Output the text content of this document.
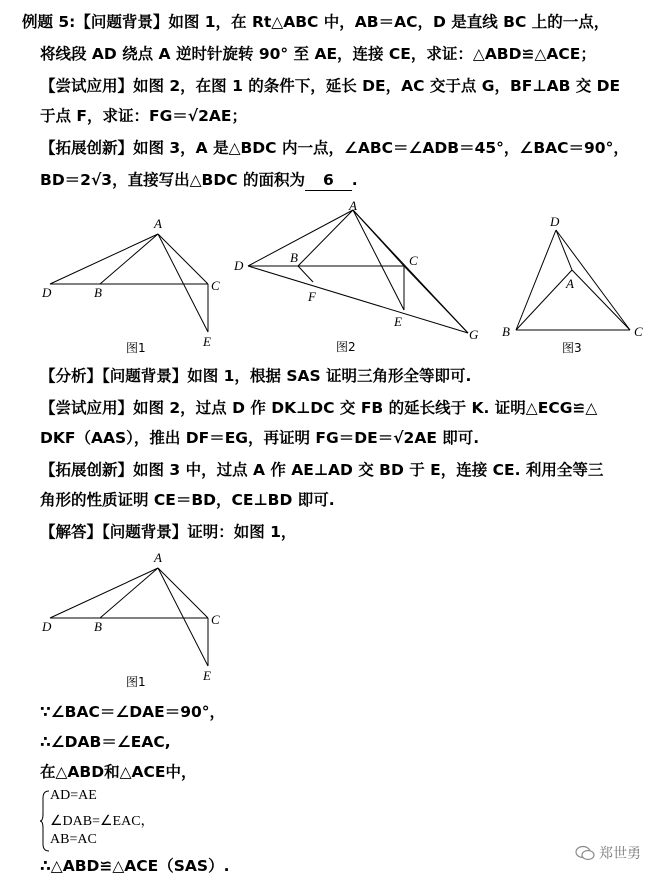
例题 5:【问题背景】如图 1，在 Rt△ABC 中，AB＝AC，D 是直线 BC 上的一点，
将线段 AD 绕点 A 逆时针旋转 90° 至 AE，连接 CE，求证：△ABD≌△ACE；
【尝试应用】如图 2，在图 1 的条件下，延长 DE，AC 交于点 G，BF⊥AB 交 DE
于点 F，求证：FG＝√2AE；
【拓展创新】如图 3，A 是△BDC 内一点，∠ABC＝∠ADB＝45°，∠BAC＝90°，
BD＝2√3，直接写出△BDC 的面积为 6 .
A
B	C
D
E
图1
A
B	C
D
E
F
G
图2
D
A
B	C
图3
【分析】【问题背景】如图 1，根据 SAS 证明三角形全等即可.
【尝试应用】如图 2，过点 D 作 DK⊥DC 交 FB 的延长线于 K. 证明△ECG≌△
DKF（AAS），推出 DF＝EG，再证明 FG＝DE＝√2AE 即可.
【拓展创新】如图 3 中，过点 A 作 AE⊥AD 交 BD 于 E，连接 CE. 利用全等三
角形的性质证明 CE＝BD，CE⊥BD 即可.
【解答】【问题背景】证明：如图 1，
A
B	C
D
E
图1
∵∠BAC＝∠DAE＝90°，
∴∠DAB＝∠EAC,
在△ABD和△ACE中，
AD=AE
∠DAB=∠EAC，
AB=AC
∴△ABD≌△ACE（SAS）.
郑世勇
